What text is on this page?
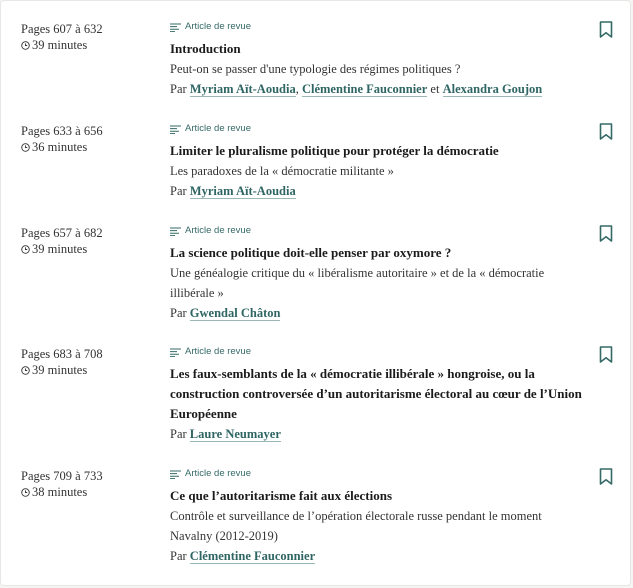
Pages 607 à 632
39 minutes
Article de revue
Introduction
Peut-on se passer d'une typologie des régimes politiques ?
Par Myriam Aït-Aoudia, Clémentine Fauconnier et Alexandra Goujon
Pages 633 à 656
36 minutes
Article de revue
Limiter le pluralisme politique pour protéger la démocratie
Les paradoxes de la « démocratie militante »
Par Myriam Aït-Aoudia
Pages 657 à 682
39 minutes
Article de revue
La science politique doit-elle penser par oxymore ?
Une généalogie critique du « libéralisme autoritaire » et de la « démocratie illibérale »
Par Gwendal Châton
Pages 683 à 708
39 minutes
Article de revue
Les faux-semblants de la « démocratie illibérale » hongroise, ou la construction controversée d’un autoritarisme électoral au cœur de l’Union Européenne
Par Laure Neumayer
Pages 709 à 733
38 minutes
Article de revue
Ce que l’autoritarisme fait aux élections
Contrôle et surveillance de l’opération électorale russe pendant le moment Navalny (2012-2019)
Par Clémentine Fauconnier
